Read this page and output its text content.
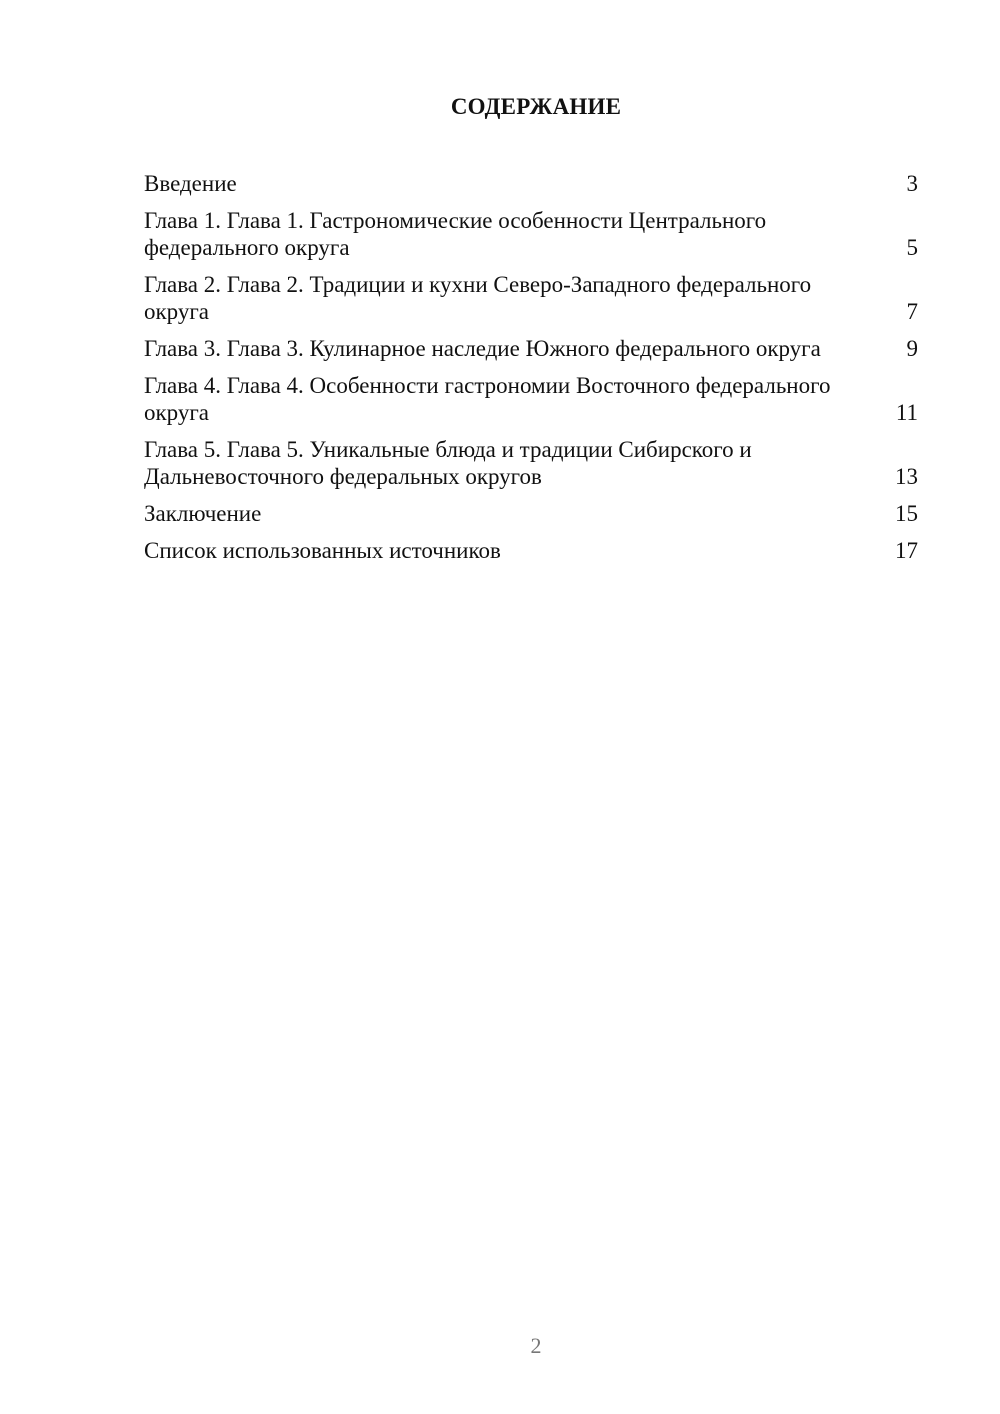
СОДЕРЖАНИЕ
Введение	3
Глава 1. Глава 1. Гастрономические особенности Центрального федерального округа	5
Глава 2. Глава 2. Традиции и кухни Северо-Западного федерального округа	7
Глава 3. Глава 3. Кулинарное наследие Южного федерального округа	9
Глава 4. Глава 4. Особенности гастрономии Восточного федерального округа	11
Глава 5. Глава 5. Уникальные блюда и традиции Сибирского и Дальневосточного федеральных округов	13
Заключение	15
Список использованных источников	17
2
